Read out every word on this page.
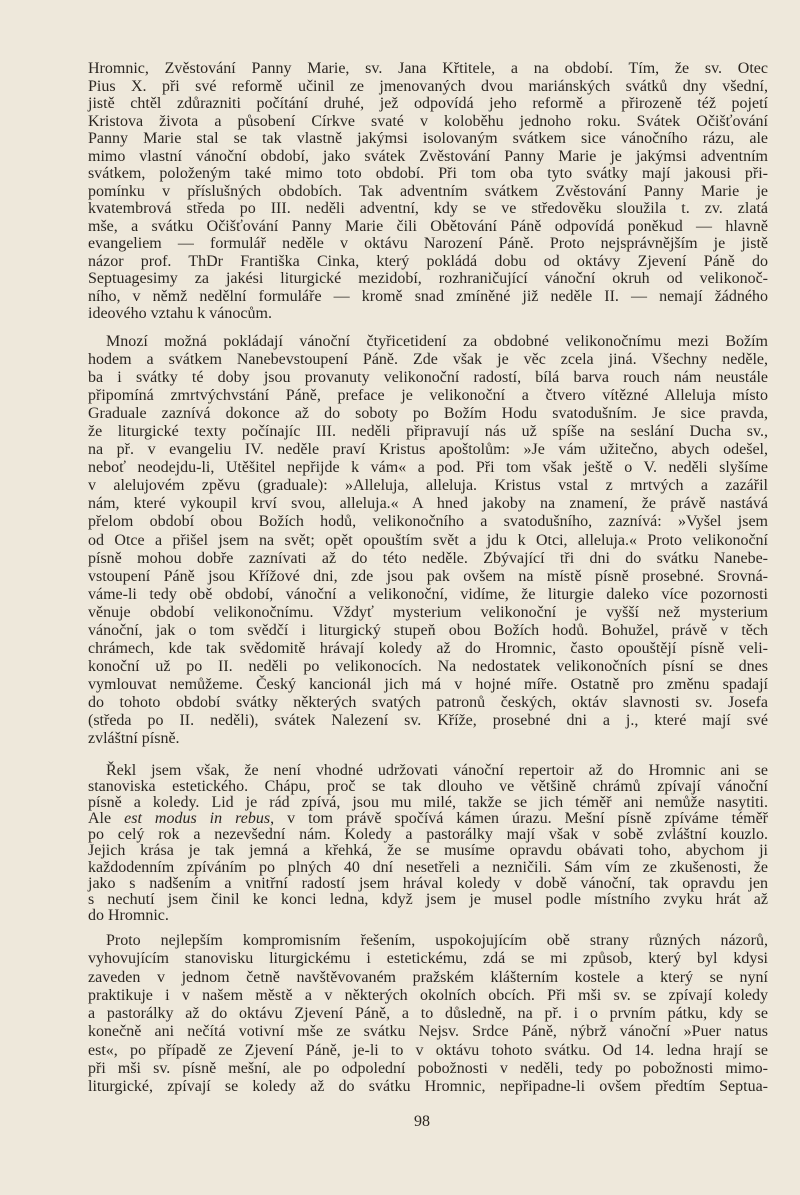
Hromnic, Zvěstování Panny Marie, sv. Jana Křtitele, a na období. Tím, že sv. Otec
Pius X. při své reformě učinil ze jmenovaných dvou mariánských svátků dny všední,
jistě chtěl zdůrazniti počítání druhé, jež odpovídá jeho reformě a přirozeně též pojetí
Kristova života a působení Církve svaté v koloběhu jednoho roku. Svátek Očišťování
Panny Marie stal se tak vlastně jakýmsi isolovaným svátkem sice vánočního rázu, ale
mimo vlastní vánoční období, jako svátek Zvěstování Panny Marie je jakýmsi adventním
svátkem, položeným také mimo toto období. Při tom oba tyto svátky mají jakousi při-
pomínku v příslušných obdobích. Tak adventním svátkem Zvěstování Panny Marie je
kvatembrová středa po III. neděli adventní, kdy se ve středověku sloužila t. zv. zlatá
mše, a svátku Očišťování Panny Marie čili Obětování Páně odpovídá poněkud — hlavně
evangeliem — formulář neděle v oktávu Narození Páně. Proto nejsprávnějším je jistě
názor prof. ThDr Františka Cinka, který pokládá dobu od oktávy Zjevení Páně do
Septuagesimy za jakési liturgické mezidobí, rozhraničující vánoční okruh od velikonoč-
ního, v němž nedělní formuláře — kromě snad zmíněné již neděle II. — nemají žádného
ideového vztahu k vánocům.
Mnozí možná pokládají vánoční čtyřicetidení za obdobné velikonočnímu mezi Božím
hodem a svátkem Nanebevstoupení Páně. Zde však je věc zcela jiná. Všechny neděle,
ba i svátky té doby jsou provanuty velikonoční radostí, bílá barva rouch nám neustále
připomíná zmrtvýchvstání Páně, preface je velikonoční a čtvero vítězné Alleluja místo
Graduale zaznívá dokonce až do soboty po Božím Hodu svatodušním. Je sice pravda,
že liturgické texty počínajíc III. neděli připravují nás už spíše na seslání Ducha sv.,
na př. v evangeliu IV. neděle praví Kristus apoštolům: »Je vám užitečno, abych odešel,
neboť neodejdu-li, Utěšitel nepřijde k vám« a pod. Při tom však ještě o V. neděli slyšíme
v alelujovém zpěvu (graduale): »Alleluja, alleluja. Kristus vstal z mrtvých a zazářil
nám, které vykoupil krví svou, alleluja.« A hned jakoby na znamení, že právě nastává
přelom období obou Božích hodů, velikonočního a svatodušního, zaznívá: »Vyšel jsem
od Otce a přišel jsem na svět; opět opouštím svět a jdu k Otci, alleluja.« Proto velikonoční
písně mohou dobře zaznívati až do této neděle. Zbývající tři dni do svátku Nanebe-
vstoupení Páně jsou Křížové dni, zde jsou pak ovšem na místě písně prosebné. Srovná-
váme-li tedy obě období, vánoční a velikonoční, vidíme, že liturgie daleko více pozornosti
věnuje období velikonočnímu. Vždyť mysterium velikonoční je vyšší než mysterium
vánoční, jak o tom svědčí i liturgický stupeň obou Božích hodů. Bohužel, právě v těch
chrámech, kde tak svědomitě hrávají koledy až do Hromnic, často opouštějí písně veli-
konoční už po II. neděli po velikonocích. Na nedostatek velikonočních písní se dnes
vymlouvat nemůžeme. Český kancionál jich má v hojné míře. Ostatně pro změnu spadají
do tohoto období svátky některých svatých patronů českých, oktáv slavnosti sv. Josefa
(středa po II. neděli), svátek Nalezení sv. Kříže, prosebné dni a j., které mají své
zvláštní písně.
Řekl jsem však, že není vhodné udržovati vánoční repertoir až do Hromnic ani se
stanoviska estetického. Chápu, proč se tak dlouho ve většině chrámů zpívají vánoční
písně a koledy. Lid je rád zpívá, jsou mu milé, takže se jich téměř ani nemůže nasytiti.
Ale est modus in rebus, v tom právě spočívá kámen úrazu. Mešní písně zpíváme téměř
po celý rok a nezevšední nám. Koledy a pastorálky mají však v sobě zvláštní kouzlo.
Jejich krása je tak jemná a křehká, že se musíme opravdu obávati toho, abychom ji
každodenním zpíváním po plných 40 dní nesetřeli a nezničili. Sám vím ze zkušenosti, že
jako s nadšením a vnitřní radostí jsem hrával koledy v době vánoční, tak opravdu jen
s nechutí jsem činil ke konci ledna, když jsem je musel podle místního zvyku hrát až
do Hromnic.
Proto nejlepším kompromisním řešením, uspokojujícím obě strany různých názorů,
vyhovujícím stanovisku liturgickému i estetickému, zdá se mi způsob, který byl kdysi
zaveden v jednom četně navštěvovaném pražském klášterním kostele a který se nyní
praktikuje i v našem městě a v některých okolních obcích. Při mši sv. se zpívají koledy
a pastorálky až do oktávu Zjevení Páně, a to důsledně, na př. i o prvním pátku, kdy se
konečně ani nečítá votivní mše ze svátku Nejsv. Srdce Páně, nýbrž vánoční »Puer natus
est«, po případě ze Zjevení Páně, je-li to v oktávu tohoto svátku. Od 14. ledna hrají se
při mši sv. písně mešní, ale po odpolední pobožnosti v neděli, tedy po pobožnosti mimo-
liturgické, zpívají se koledy až do svátku Hromnic, nepřipadne-li ovšem předtím Septua-
98
